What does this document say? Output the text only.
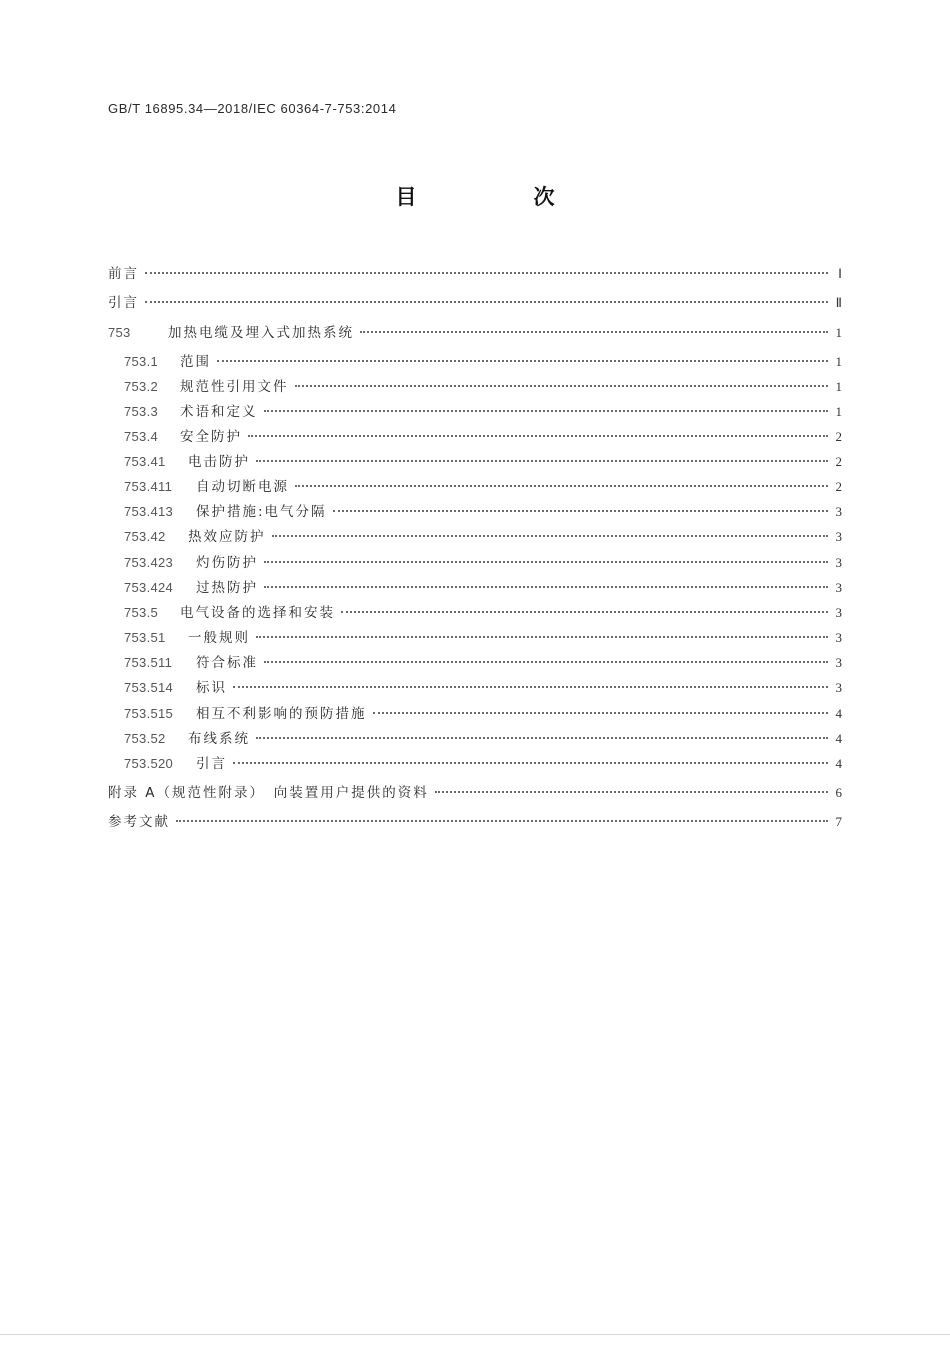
GB/T 16895.34—2018/IEC 60364-7-753:2014
目　次
前言	Ⅰ
引言	Ⅱ
753	加热电缆及埋入式加热系统	1
753.1	范围	1
753.2	规范性引用文件	1
753.3	术语和定义	1
753.4	安全防护	2
753.41	电击防护	2
753.411	自动切断电源	2
753.413	保护措施:电气分隔	3
753.42	热效应防护	3
753.423	灼伤防护	3
753.424	过热防护	3
753.5	电气设备的选择和安装	3
753.51	一般规则	3
753.511	符合标准	3
753.514	标识	3
753.515	相互不利影响的预防措施	4
753.52	布线系统	4
753.520	引言	4
附录 A（规范性附录）　向装置用户提供的资料	6
参考文献	7
